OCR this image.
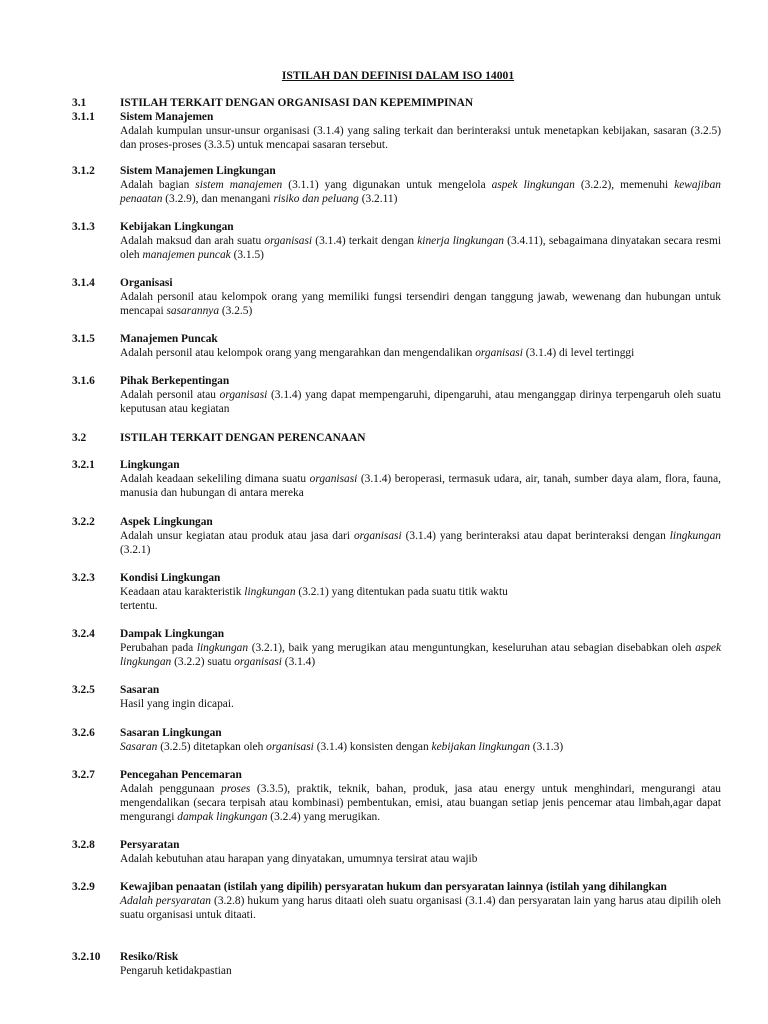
ISTILAH DAN DEFINISI DALAM ISO 14001
3.1	ISTILAH TERKAIT DENGAN ORGANISASI DAN KEPEMIMPINAN
3.1.1 Sistem Manajemen
Adalah kumpulan unsur-unsur organisasi (3.1.4) yang saling terkait dan berinteraksi untuk menetapkan kebijakan, sasaran (3.2.5) dan proses-proses (3.3.5) untuk mencapai sasaran tersebut.
3.1.2 Sistem Manajemen Lingkungan
Adalah bagian sistem manajemen (3.1.1) yang digunakan untuk mengelola aspek lingkungan (3.2.2), memenuhi kewajiban penaatan (3.2.9), dan menangani risiko dan peluang (3.2.11)
3.1.3 Kebijakan Lingkungan
Adalah maksud dan arah suatu organisasi (3.1.4) terkait dengan kinerja lingkungan (3.4.11), sebagaimana dinyatakan secara resmi oleh manajemen puncak (3.1.5)
3.1.4 Organisasi
Adalah personil atau kelompok orang yang memiliki fungsi tersendiri dengan tanggung jawab, wewenang dan hubungan untuk mencapai sasarannya (3.2.5)
3.1.5 Manajemen Puncak
Adalah personil atau kelompok orang yang mengarahkan dan mengendalikan organisasi (3.1.4) di level tertinggi
3.1.6 Pihak Berkepentingan
Adalah personil atau organisasi (3.1.4) yang dapat mempengaruhi, dipengaruhi, atau menganggap dirinya terpengaruh oleh suatu keputusan atau kegiatan
3.2	ISTILAH TERKAIT DENGAN PERENCANAAN
3.2.1 Lingkungan
Adalah keadaan sekeliling dimana suatu organisasi (3.1.4) beroperasi, termasuk udara, air, tanah, sumber daya alam, flora, fauna, manusia dan hubungan di antara mereka
3.2.2 Aspek Lingkungan
Adalah unsur kegiatan atau produk atau jasa dari organisasi (3.1.4) yang berinteraksi atau dapat berinteraksi dengan lingkungan (3.2.1)
3.2.3 Kondisi Lingkungan
Keadaan atau karakteristik lingkungan (3.2.1) yang ditentukan pada suatu titik waktu
tertentu.
3.2.4 Dampak Lingkungan
Perubahan pada lingkungan (3.2.1), baik yang merugikan atau menguntungkan, keseluruhan atau sebagian disebabkan oleh aspek lingkungan (3.2.2) suatu organisasi (3.1.4)
3.2.5 Sasaran
Hasil yang ingin dicapai.
3.2.6 Sasaran Lingkungan
Sasaran (3.2.5) ditetapkan oleh organisasi (3.1.4) konsisten dengan kebijakan lingkungan (3.1.3)
3.2.7 Pencegahan Pencemaran
Adalah penggunaan proses (3.3.5), praktik, teknik, bahan, produk, jasa atau energy untuk menghindari, mengurangi atau mengendalikan (secara terpisah atau kombinasi) pembentukan, emisi, atau buangan setiap jenis pencemar atau limbah,agar dapat mengurangi dampak lingkungan (3.2.4) yang merugikan.
3.2.8 Persyaratan
Adalah kebutuhan atau harapan yang dinyatakan, umumnya tersirat atau wajib
3.2.9 Kewajiban penaatan (istilah yang dipilih) persyaratan hukum dan persyaratan lainnya (istilah yang dihilangkan
Adalah persyaratan (3.2.8) hukum yang harus ditaati oleh suatu organisasi (3.1.4) dan persyaratan lain yang harus atau dipilih oleh suatu organisasi untuk ditaati.
3.2.10 Resiko/Risk
Pengaruh ketidakpastian
